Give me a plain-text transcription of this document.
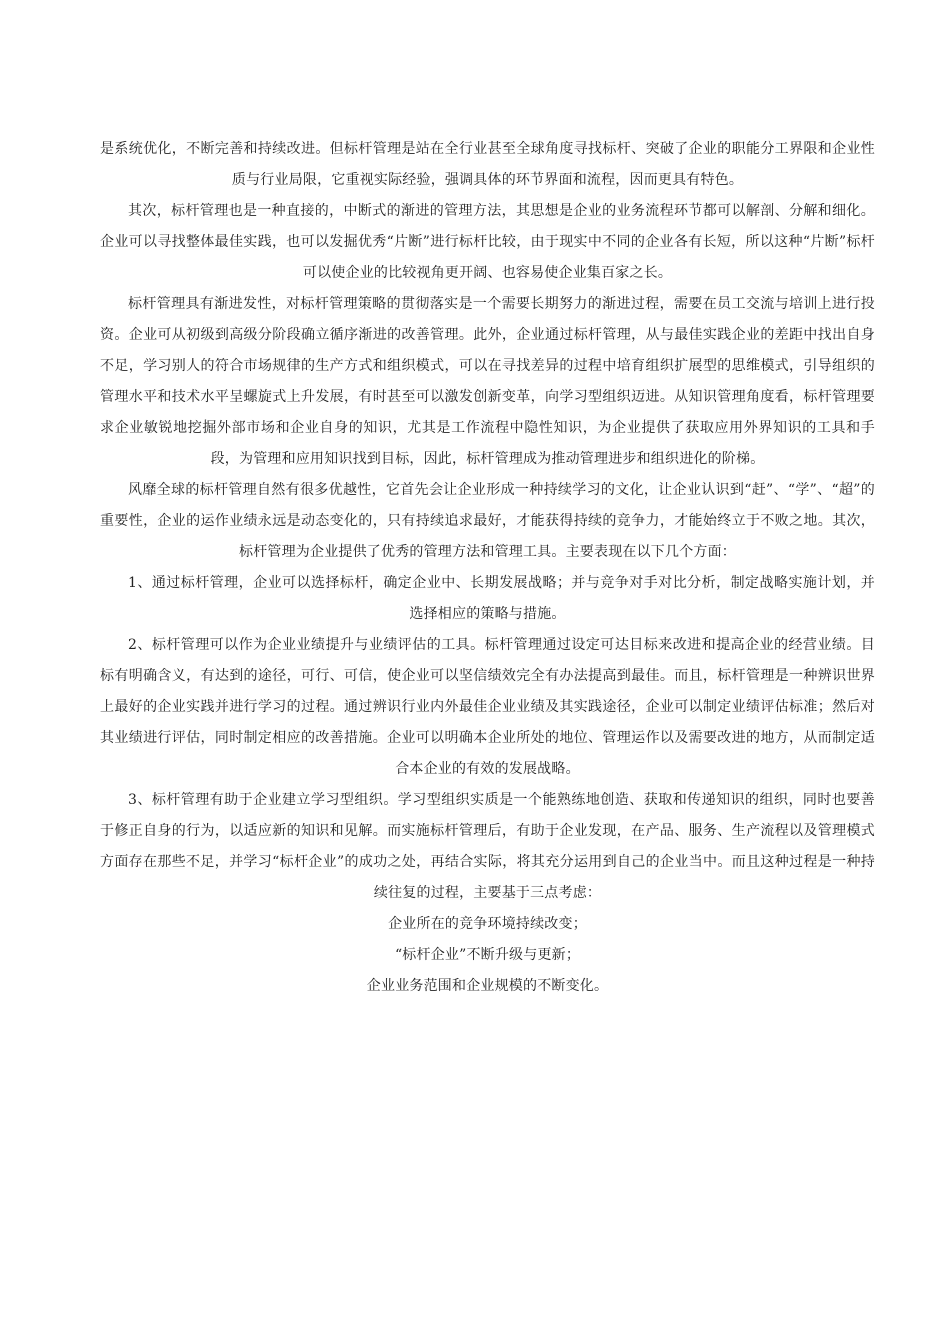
是系统优化，不断完善和持续改进。但标杆管理是站在全行业甚至全球角度寻找标杆、突破了企业的职能分工界限和企业性质与行业局限，它重视实际经验，强调具体的环节界面和流程，因而更具有特色。

其次，标杆管理也是一种直接的，中断式的渐进的管理方法，其思想是企业的业务流程环节都可以解剖、分解和细化。企业可以寻找整体最佳实践，也可以发掘优秀“片断”进行标杆比较，由于现实中不同的企业各有长短，所以这种“片断”标杆可以使企业的比较视角更开阔、也容易使企业集百家之长。

标杆管理具有渐进发性，对标杆管理策略的贯彻落实是一个需要长期努力的渐进过程，需要在员工交流与培训上进行投资。企业可从初级到高级分阶段确立循序渐进的改善管理。此外，企业通过标杆管理，从与最佳实践企业的差距中找出自身不足，学习别人的符合市场规律的生产方式和组织模式，可以在寻找差异的过程中培育组织扩展型的思维模式，引导组织的管理水平和技术水平呈螺旋式上升发展，有时甚至可以激发创新变革，向学习型组织迈进。从知识管理角度看，标杆管理要求企业敏锐地挖掘外部市场和企业自身的知识，尤其是工作流程中隐性知识，为企业提供了获取应用外界知识的工具和手段，为管理和应用知识找到目标，因此，标杆管理成为推动管理进步和组织进化的阶梯。

风靡全球的标杆管理自然有很多优越性，它首先会让企业形成一种持续学习的文化，让企业认识到“赶”、“学”、“超”的重要性，企业的运作业绩永远是动态变化的，只有持续追求最好，才能获得持续的竞争力，才能始终立于不败之地。其次，标杆管理为企业提供了优秀的管理方法和管理工具。主要表现在以下几个方面：

1、通过标杆管理，企业可以选择标杆，确定企业中、长期发展战略；并与竞争对手对比分析，制定战略实施计划，并选择相应的策略与措施。

2、标杆管理可以作为企业业绩提升与业绩评估的工具。标杆管理通过设定可达目标来改进和提高企业的经营业绩。目标有明确含义，有达到的途径，可行、可信，使企业可以坚信绩效完全有办法提高到最佳。而且，标杆管理是一种辨识世界上最好的企业实践并进行学习的过程。通过辨识行业内外最佳企业业绩及其实践途径，企业可以制定业绩评估标准；然后对其业绩进行评估，同时制定相应的改善措施。企业可以明确本企业所处的地位、管理运作以及需要改进的地方，从而制定适合本企业的有效的发展战略。

3、标杆管理有助于企业建立学习型组织。学习型组织实质是一个能熟练地创造、获取和传递知识的组织，同时也要善于修正自身的行为，以适应新的知识和见解。而实施标杆管理后，有助于企业发现，在产品、服务、生产流程以及管理模式方面存在那些不足，并学习“标杆企业”的成功之处，再结合实际，将其充分运用到自己的企业当中。而且这种过程是一种持续往复的过程，主要基于三点考虑：

企业所在的竞争环境持续改变；

“标杆企业”不断升级与更新；

企业业务范围和企业规模的不断变化。
